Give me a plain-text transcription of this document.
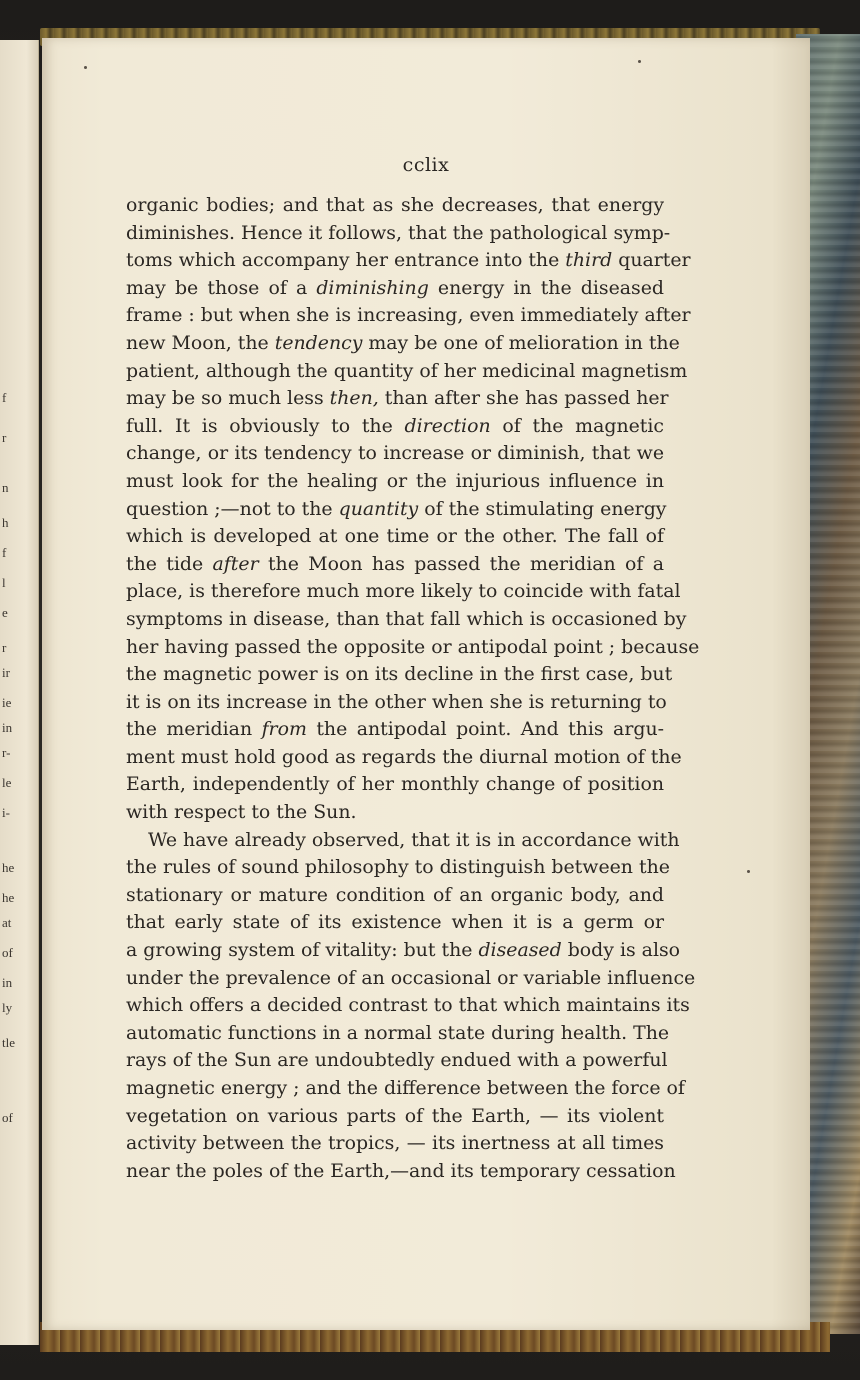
f
r
n
h
f
l
e
r
ir
ie
in
r-
le
i-
he
he
at
of
in
ly
tle
of
cclix
organic bodies; and that as she decreases, that energy
diminishes. Hence it follows, that the pathological symp-
toms which accompany her entrance into the third quarter
may be those of a diminishing energy in the diseased
frame : but when she is increasing, even immediately after
new Moon, the tendency may be one of melioration in the
patient, although the quantity of her medicinal magnetism
may be so much less then, than after she has passed her
full. It is obviously to the direction of the magnetic
change, or its tendency to increase or diminish, that we
must look for the healing or the injurious influence in
question ;—not to the quantity of the stimulating energy
which is developed at one time or the other. The fall of
the tide after the Moon has passed the meridian of a
place, is therefore much more likely to coincide with fatal
symptoms in disease, than that fall which is occasioned by
her having passed the opposite or antipodal point ; because
the magnetic power is on its decline in the first case, but
it is on its increase in the other when she is returning to
the meridian from the antipodal point. And this argu-
ment must hold good as regards the diurnal motion of the
Earth, independently of her monthly change of position
with respect to the Sun.
We have already observed, that it is in accordance with
the rules of sound philosophy to distinguish between the
stationary or mature condition of an organic body, and
that early state of its existence when it is a germ or
a growing system of vitality: but the diseased body is also
under the prevalence of an occasional or variable influence
which offers a decided contrast to that which maintains its
automatic functions in a normal state during health. The
rays of the Sun are undoubtedly endued with a powerful
magnetic energy ; and the difference between the force of
vegetation on various parts of the Earth, — its violent
activity between the tropics, — its inertness at all times
near the poles of the Earth,—and its temporary cessation
